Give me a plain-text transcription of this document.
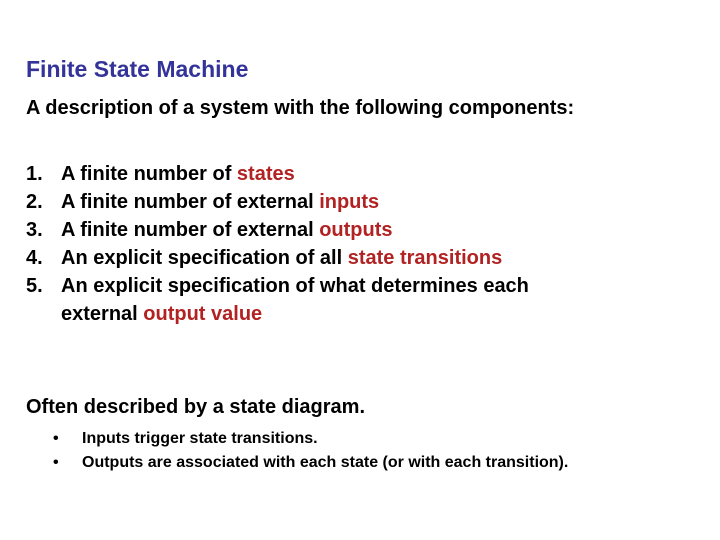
Finite State Machine
A description of a system with the following components:
1. A finite number of states
2. A finite number of external inputs
3. A finite number of external outputs
4. An explicit specification of all state transitions
5. An explicit specification of what determines each
external output value
Often described by a state diagram.
• Inputs trigger state transitions.
• Outputs are associated with each state (or with each transition).
